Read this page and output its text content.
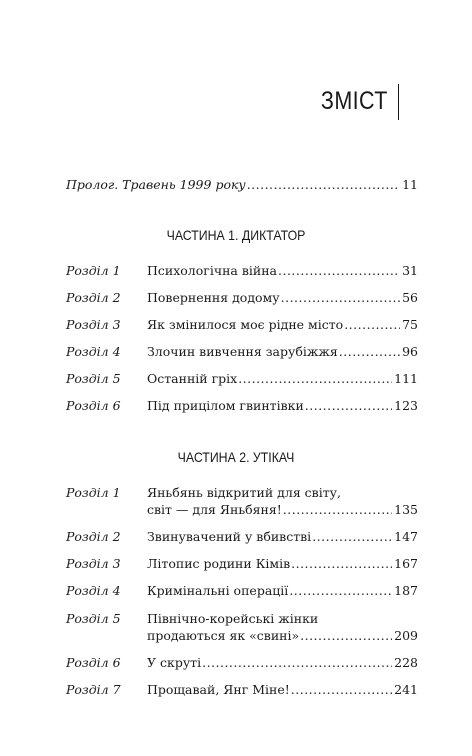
ЗМІСТ
Пролог. Травень 1999 року .....	11
ЧАСТИНА 1. ДИКТАТОР
Розділ 1 Психологічна війна .....	31
Розділ 2 Повернення додому .....	56
Розділ 3 Як змінилося моє рідне місто .....	75
Розділ 4 Злочин вивчення зарубіжжя .....	96
Розділ 5 Останній гріх .....	111
Розділ 6 Під прицілом гвинтівки .....	123
ЧАСТИНА 2. УТІКАЧ
Розділ 1 Яньбянь відкритий для світу,
світ — для Яньбяня! .....	135
Розділ 2 Звинувачений у вбивстві .....	147
Розділ 3 Літопис родини Кімів .....	167
Розділ 4 Кримінальні операції .....	187
Розділ 5 Північно-корейські жінки
продаються як «свині» .....	209
Розділ 6 У скруті .....	228
Розділ 7 Прощавай, Янг Міне! .....	241
